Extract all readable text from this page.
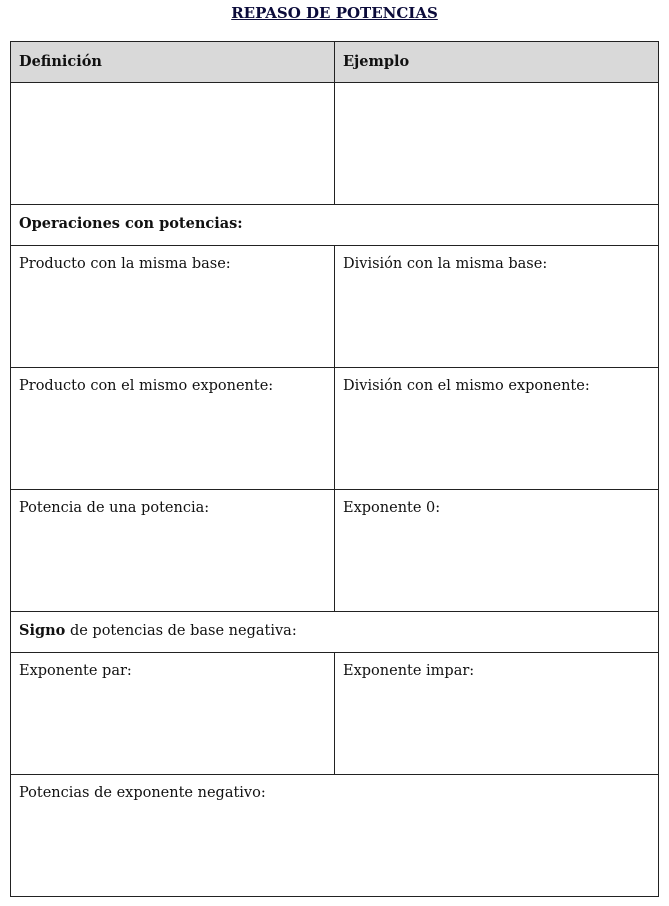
REPASO DE POTENCIAS
Definición	Ejemplo

Operaciones con potencias:	
Producto con la misma base:	División con la misma base:
Producto con el mismo exponente:	División con el mismo exponente:
Potencia de una potencia:	Exponente 0:
Signo de potencias de base negativa:	
Exponente par:	Exponente impar:
Potencias de exponente negativo:	
